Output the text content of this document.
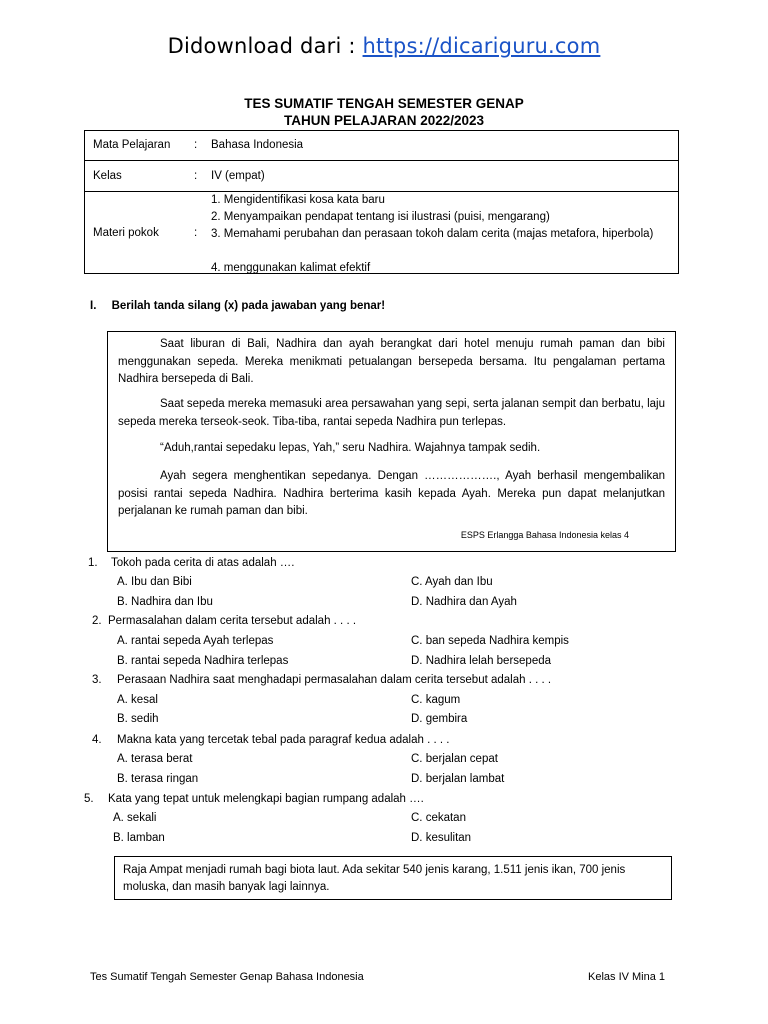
Didownload dari : https://dicariguru.com
TES SUMATIF TENGAH SEMESTER GENAP
TAHUN PELAJARAN 2022/2023
Mata Pelajaran : Bahasa Indonesia
Kelas	: IV (empat)
Materi pokok	:
1. Mengidentifikasi kosa kata baru
2. Menyampaikan pendapat tentang isi ilustrasi (puisi, mengarang)
3. Memahami perubahan dan perasaan tokoh dalam cerita (majas metafora, hiperbola)
4. menggunakan kalimat efektif
I. Berilah tanda silang (x) pada jawaban yang benar!

Saat liburan di Bali, Nadhira dan ayah berangkat dari hotel menuju rumah paman dan bibi menggunakan sepeda. Mereka menikmati petualangan bersepeda bersama. Itu pengalaman pertama Nadhira bersepeda di Bali.

Saat sepeda mereka memasuki area persawahan yang sepi, serta jalanan sempit dan berbatu, laju sepeda mereka terseok-seok. Tiba-tiba, rantai sepeda Nadhira pun terlepas.

“Aduh,rantai sepedaku lepas, Yah,” seru Nadhira. Wajahnya tampak sedih.

Ayah segera menghentikan sepedanya. Dengan ………………., Ayah berhasil mengembalikan posisi rantai sepeda Nadhira. Nadhira berterima kasih kepada Ayah. Mereka pun dapat melanjutkan perjalanan ke rumah paman dan bibi.

ESPS Erlangga Bahasa Indonesia kelas 4
1. Tokoh pada cerita di atas adalah ….
A. Ibu dan Bibi	C. Ayah dan Ibu
B. Nadhira dan Ibu	D. Nadhira dan Ayah
2. Permasalahan dalam cerita tersebut adalah . . . .
A. rantai sepeda Ayah terlepas	C. ban sepeda Nadhira kempis
B. rantai sepeda Nadhira terlepas	D. Nadhira lelah bersepeda
3. Perasaan Nadhira saat menghadapi permasalahan dalam cerita tersebut adalah . . . .
A. kesal	C. kagum
B. sedih	D. gembira
4. Makna kata yang tercetak tebal pada paragraf kedua adalah . . . .
A. terasa berat	C. berjalan cepat
B. terasa ringan	D. berjalan lambat
5. Kata yang tepat untuk melengkapi bagian rumpang adalah ….
A. sekali	C. cekatan
B. lamban	D. kesulitan
Raja Ampat menjadi rumah bagi biota laut. Ada sekitar 540 jenis karang, 1.511 jenis ikan, 700 jenis moluska, dan masih banyak lagi lainnya.
Tes Sumatif Tengah Semester Genap Bahasa Indonesia	Kelas IV Mina 1
